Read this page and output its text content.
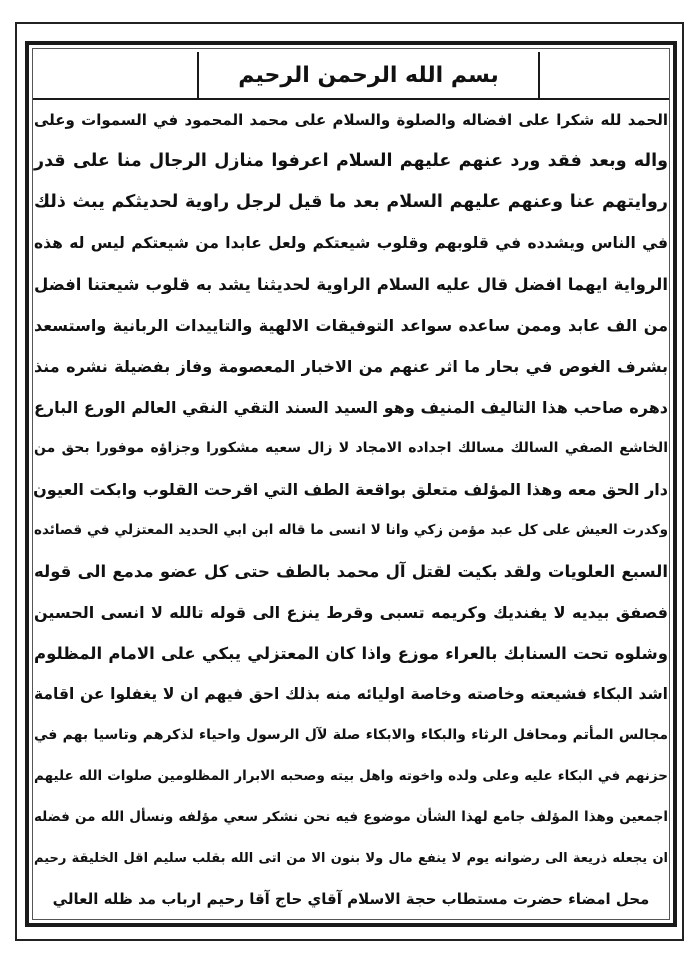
بسم الله الرحمن الرحيم
الحمد لله شكرا على افضاله والصلوة والسلام على محمد المحمود في السموات وعلى
واله وبعد فقد ورد عنهم عليهم السلام اعرفوا منازل الرجال منا على قدر
روايتهم عنا وعنهم عليهم السلام بعد ما قيل لرجل راوية لحديثكم يبث ذلك
في الناس ويشدده في قلوبهم وقلوب شيعتكم ولعل عابدا من شيعتكم ليس له هذه
الرواية ايهما افضل قال عليه السلام الراوية لحديثنا يشد به قلوب شيعتنا افضل
من الف عابد وممن ساعده سواعد التوفيقات الالهية والتاييدات الربانية واستسعد
بشرف الغوص في بحار ما اثر عنهم من الاخبار المعصومة وفاز بفضيلة نشره منذ
دهره صاحب هذا التاليف المنيف وهو السيد السند التقي النقي العالم الورع البارع
الخاشع الصفي السالك مسالك اجداده الامجاد لا زال سعيه مشكورا وجزاؤه موفورا بحق من
دار الحق معه وهذا المؤلف متعلق بواقعة الطف التي اقرحت القلوب وابكت العيون
وكدرت العيش على كل عبد مؤمن زكي وانا لا انسى ما قاله ابن ابي الحديد المعتزلي في قصائده
السبع العلويات ولقد بكيت لقتل آل محمد بالطف حتى كل عضو مدمع الى قوله
فصفق بيديه لا يفنديك وكريمه تسبى وقرط ينزع الى قوله تالله لا انسى الحسين
وشلوه تحت السنابك بالعراء موزع واذا كان المعتزلي يبكي على الامام المظلوم
اشد البكاء فشيعته وخاصته وخاصة اوليائه منه بذلك احق فيهم ان لا يغفلوا عن اقامة
مجالس المأتم ومحافل الرثاء والبكاء والابكاء صلة لآل الرسول واحياء لذكرهم وتاسيا بهم في
حزنهم في البكاء عليه وعلى ولده واخوته واهل بيته وصحبه الابرار المظلومين صلوات الله عليهم
اجمعين وهذا المؤلف جامع لهذا الشأن موضوع فيه نحن نشكر سعي مؤلفه ونسأل الله من فضله
ان يجعله ذريعة الى رضوانه يوم لا ينفع مال ولا بنون الا من اتى الله بقلب سليم اقل الخليقة رحيم
محل امضاء حضرت مستطاب حجة الاسلام آقاي حاج آقا رحيم ارباب مد ظله العالي
